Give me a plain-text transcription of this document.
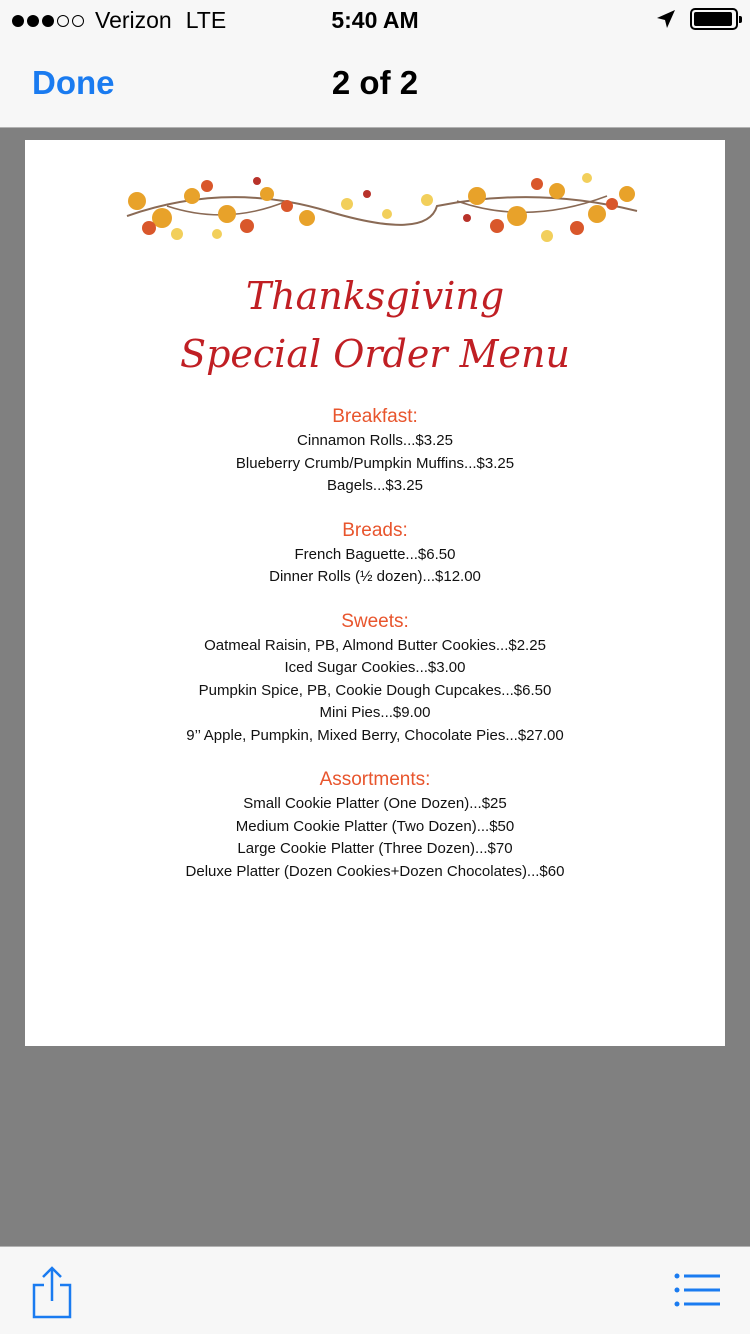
Verizon LTE	5:40 AM
Done	2 of 2
Thanksgiving
Special Order Menu
Breakfast:
Cinnamon Rolls...$3.25
Blueberry Crumb/Pumpkin Muffins...$3.25
Bagels...$3.25
Breads:
French Baguette...$6.50
Dinner Rolls (½ dozen)...$12.00
Sweets:
Oatmeal Raisin, PB, Almond Butter Cookies...$2.25
Iced Sugar Cookies...$3.00
Pumpkin Spice, PB, Cookie Dough Cupcakes...$6.50
Mini Pies...$9.00
9’’ Apple, Pumpkin, Mixed Berry, Chocolate Pies...$27.00
Assortments:
Small Cookie Platter (One Dozen)...$25
Medium Cookie Platter (Two Dozen)...$50
Large Cookie Platter (Three Dozen)...$70
Deluxe Platter (Dozen Cookies+Dozen Chocolates)...$60
